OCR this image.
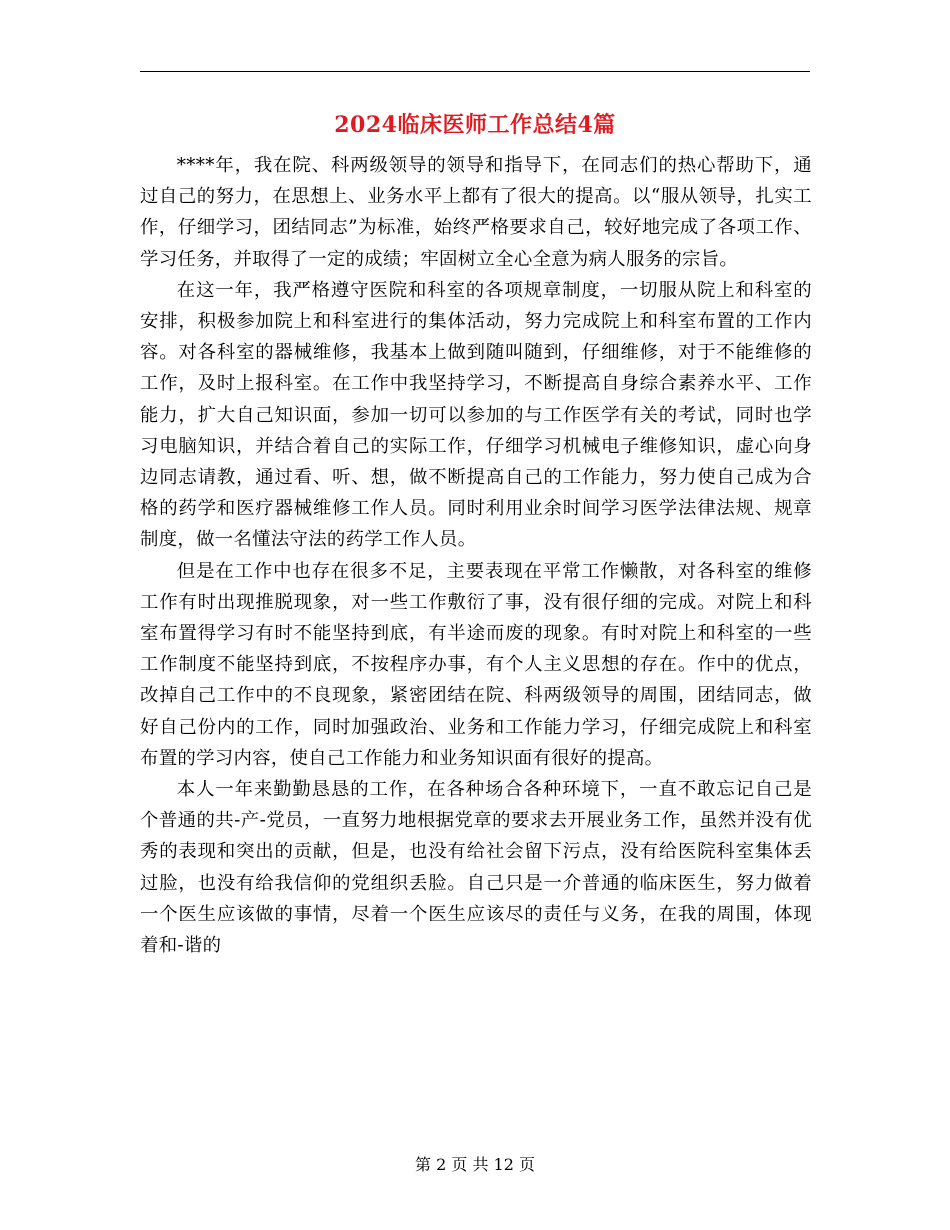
2024临床医师工作总结4篇

****年，我在院、科两级领导的领导和指导下，在同志们的热心帮助下，通过自己的努力，在思想上、业务水平上都有了很大的提高。以“服从领导，扎实工作，仔细学习，团结同志”为标准，始终严格要求自己，较好地完成了各项工作、学习任务，并取得了一定的成绩；牢固树立全心全意为病人服务的宗旨。

在这一年，我严格遵守医院和科室的各项规章制度，一切服从院上和科室的安排，积极参加院上和科室进行的集体活动，努力完成院上和科室布置的工作内容。对各科室的器械维修，我基本上做到随叫随到，仔细维修，对于不能维修的工作，及时上报科室。在工作中我坚持学习，不断提高自身综合素养水平、工作能力，扩大自己知识面，参加一切可以参加的与工作医学有关的考试，同时也学习电脑知识，并结合着自己的实际工作，仔细学习机械电子维修知识，虚心向身边同志请教，通过看、听、想，做不断提高自己的工作能力，努力使自己成为合格的药学和医疗器械维修工作人员。同时利用业余时间学习医学法律法规、规章制度，做一名懂法守法的药学工作人员。

但是在工作中也存在很多不足，主要表现在平常工作懒散，对各科室的维修工作有时出现推脱现象，对一些工作敷衍了事，没有很仔细的完成。对院上和科室布置得学习有时不能坚持到底，有半途而废的现象。有时对院上和科室的一些工作制度不能坚持到底，不按程序办事，有个人主义思想的存在。作中的优点，改掉自己工作中的不良现象，紧密团结在院、科两级领导的周围，团结同志，做好自己份内的工作，同时加强政治、业务和工作能力学习，仔细完成院上和科室布置的学习内容，使自己工作能力和业务知识面有很好的提高。

本人一年来勤勤恳恳的工作，在各种场合各种环境下，一直不敢忘记自己是个普通的共-产-党员，一直努力地根据党章的要求去开展业务工作，虽然并没有优秀的表现和突出的贡献，但是，也没有给社会留下污点，没有给医院科室集体丢过脸，也没有给我信仰的党组织丢脸。自己只是一介普通的临床医生，努力做着一个医生应该做的事情，尽着一个医生应该尽的责任与义务，在我的周围，体现着和-谐的

第 2 页 共 12 页
